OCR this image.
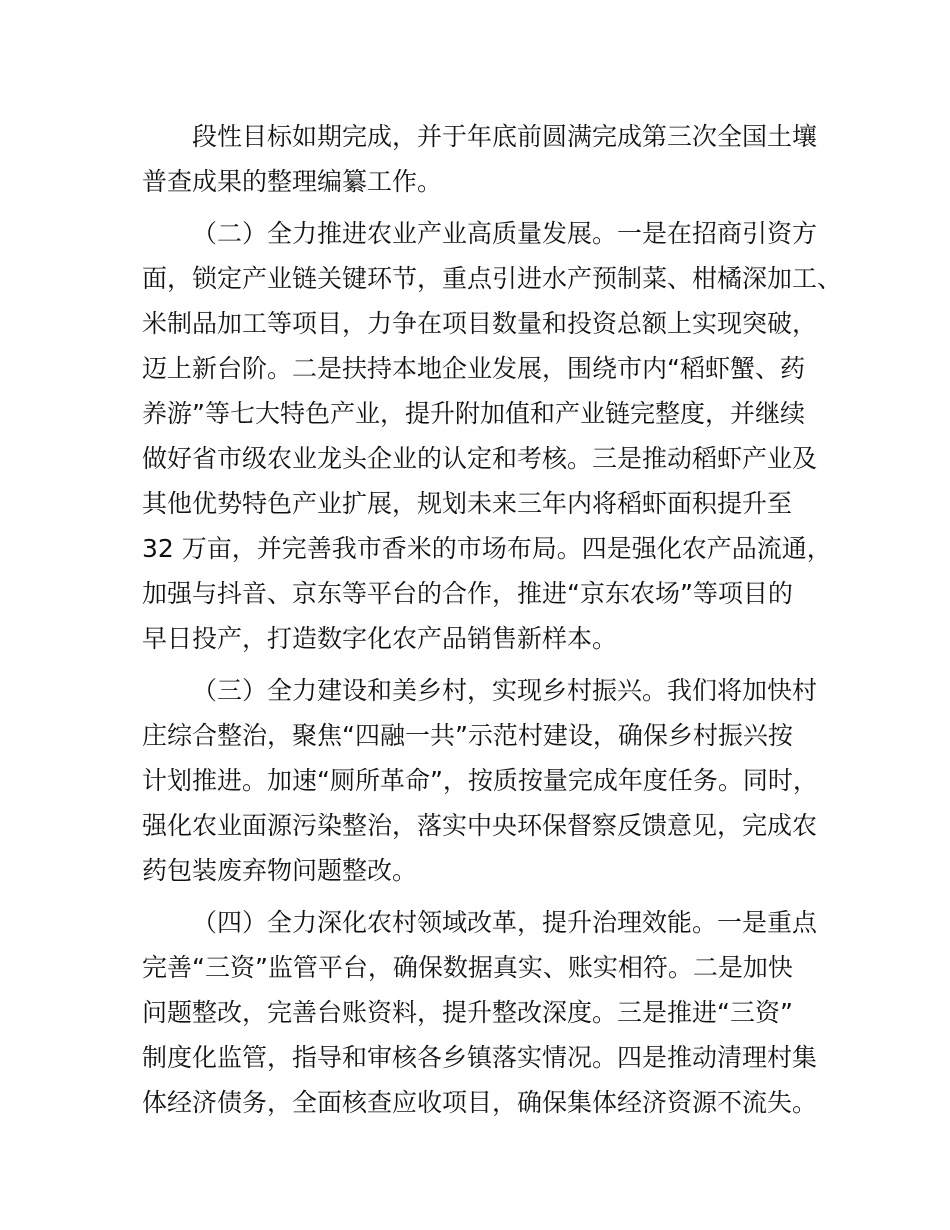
段性目标如期完成，并于年底前圆满完成第三次全国土壤
普查成果的整理编纂工作。
（二）全力推进农业产业高质量发展。一是在招商引资方
面，锁定产业链关键环节，重点引进水产预制菜、柑橘深加工、
米制品加工等项目，力争在项目数量和投资总额上实现突破，
迈上新台阶。二是扶持本地企业发展，围绕市内“稻虾蟹、药
养游”等七大特色产业，提升附加值和产业链完整度，并继续
做好省市级农业龙头企业的认定和考核。三是推动稻虾产业及
其他优势特色产业扩展，规划未来三年内将稻虾面积提升至
32 万亩，并完善我市香米的市场布局。四是强化农产品流通，
加强与抖音、京东等平台的合作，推进“京东农场”等项目的
早日投产，打造数字化农产品销售新样本。
（三）全力建设和美乡村，实现乡村振兴。我们将加快村
庄综合整治，聚焦“四融一共”示范村建设，确保乡村振兴按
计划推进。加速“厕所革命”，按质按量完成年度任务。同时，
强化农业面源污染整治，落实中央环保督察反馈意见，完成农
药包装废弃物问题整改。
（四）全力深化农村领域改革，提升治理效能。一是重点
完善“三资”监管平台，确保数据真实、账实相符。二是加快
问题整改，完善台账资料，提升整改深度。三是推进“三资”
制度化监管，指导和审核各乡镇落实情况。四是推动清理村集
体经济债务，全面核查应收项目，确保集体经济资源不流失。
